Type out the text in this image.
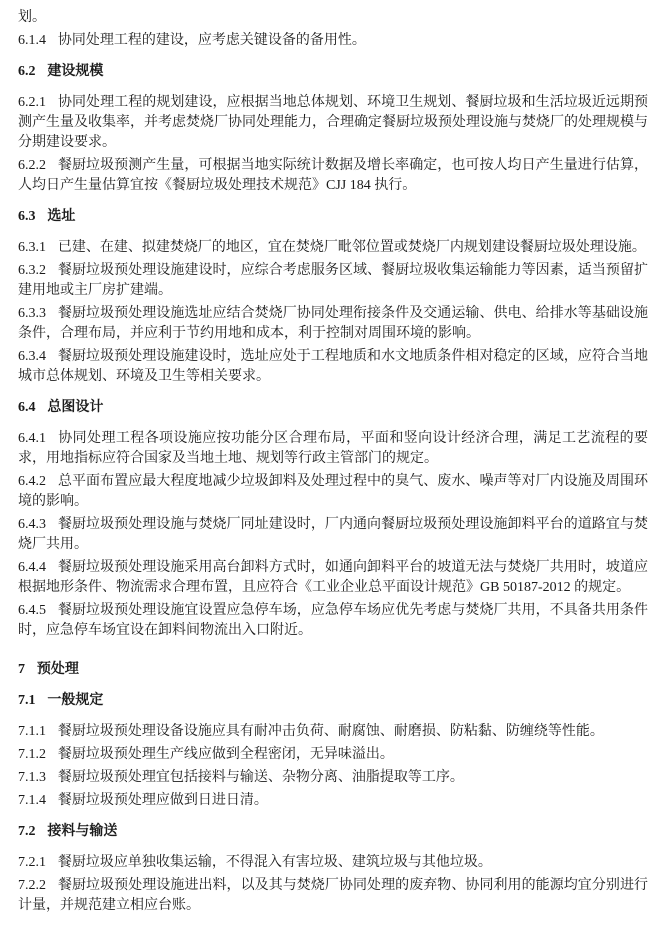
划。

6.1.4 协同处理工程的建设，应考虑关键设备的备用性。

6.2 建设规模

6.2.1 协同处理工程的规划建设，应根据当地总体规划、环境卫生规划、餐厨垃圾和生活垃圾近远期预测产生量及收集率，并考虑焚烧厂协同处理能力，合理确定餐厨垃圾预处理设施与焚烧厂的处理规模与分期建设要求。

6.2.2 餐厨垃圾预测产生量，可根据当地实际统计数据及增长率确定，也可按人均日产生量进行估算，人均日产生量估算宜按《餐厨垃圾处理技术规范》CJJ 184 执行。

6.3 选址

6.3.1 已建、在建、拟建焚烧厂的地区，宜在焚烧厂毗邻位置或焚烧厂内规划建设餐厨垃圾处理设施。

6.3.2 餐厨垃圾预处理设施建设时，应综合考虑服务区域、餐厨垃圾收集运输能力等因素，适当预留扩建用地或主厂房扩建端。

6.3.3 餐厨垃圾预处理设施选址应结合焚烧厂协同处理衔接条件及交通运输、供电、给排水等基础设施条件，合理布局，并应利于节约用地和成本，利于控制对周围环境的影响。

6.3.4 餐厨垃圾预处理设施建设时，选址应处于工程地质和水文地质条件相对稳定的区域，应符合当地城市总体规划、环境及卫生等相关要求。

6.4 总图设计

6.4.1 协同处理工程各项设施应按功能分区合理布局，平面和竖向设计经济合理，满足工艺流程的要求，用地指标应符合国家及当地土地、规划等行政主管部门的规定。

6.4.2 总平面布置应最大程度地减少垃圾卸料及处理过程中的臭气、废水、噪声等对厂内设施及周围环境的影响。

6.4.3 餐厨垃圾预处理设施与焚烧厂同址建设时，厂内通向餐厨垃圾预处理设施卸料平台的道路宜与焚烧厂共用。

6.4.4 餐厨垃圾预处理设施采用高台卸料方式时，如通向卸料平台的坡道无法与焚烧厂共用时，坡道应根据地形条件、物流需求合理布置，且应符合《工业企业总平面设计规范》GB 50187-2012 的规定。

6.4.5 餐厨垃圾预处理设施宜设置应急停车场，应急停车场应优先考虑与焚烧厂共用，不具备共用条件时，应急停车场宜设在卸料间物流出入口附近。

7 预处理

7.1 一般规定

7.1.1 餐厨垃圾预处理设备设施应具有耐冲击负荷、耐腐蚀、耐磨损、防粘黏、防缠绕等性能。

7.1.2 餐厨垃圾预处理生产线应做到全程密闭，无异味溢出。

7.1.3 餐厨垃圾预处理宜包括接料与输送、杂物分离、油脂提取等工序。

7.1.4 餐厨垃圾预处理应做到日进日清。

7.2 接料与输送

7.2.1 餐厨垃圾应单独收集运输，不得混入有害垃圾、建筑垃圾与其他垃圾。

7.2.2 餐厨垃圾预处理设施进出料，以及其与焚烧厂协同处理的废弃物、协同利用的能源均宜分别进行计量，并规范建立相应台账。
